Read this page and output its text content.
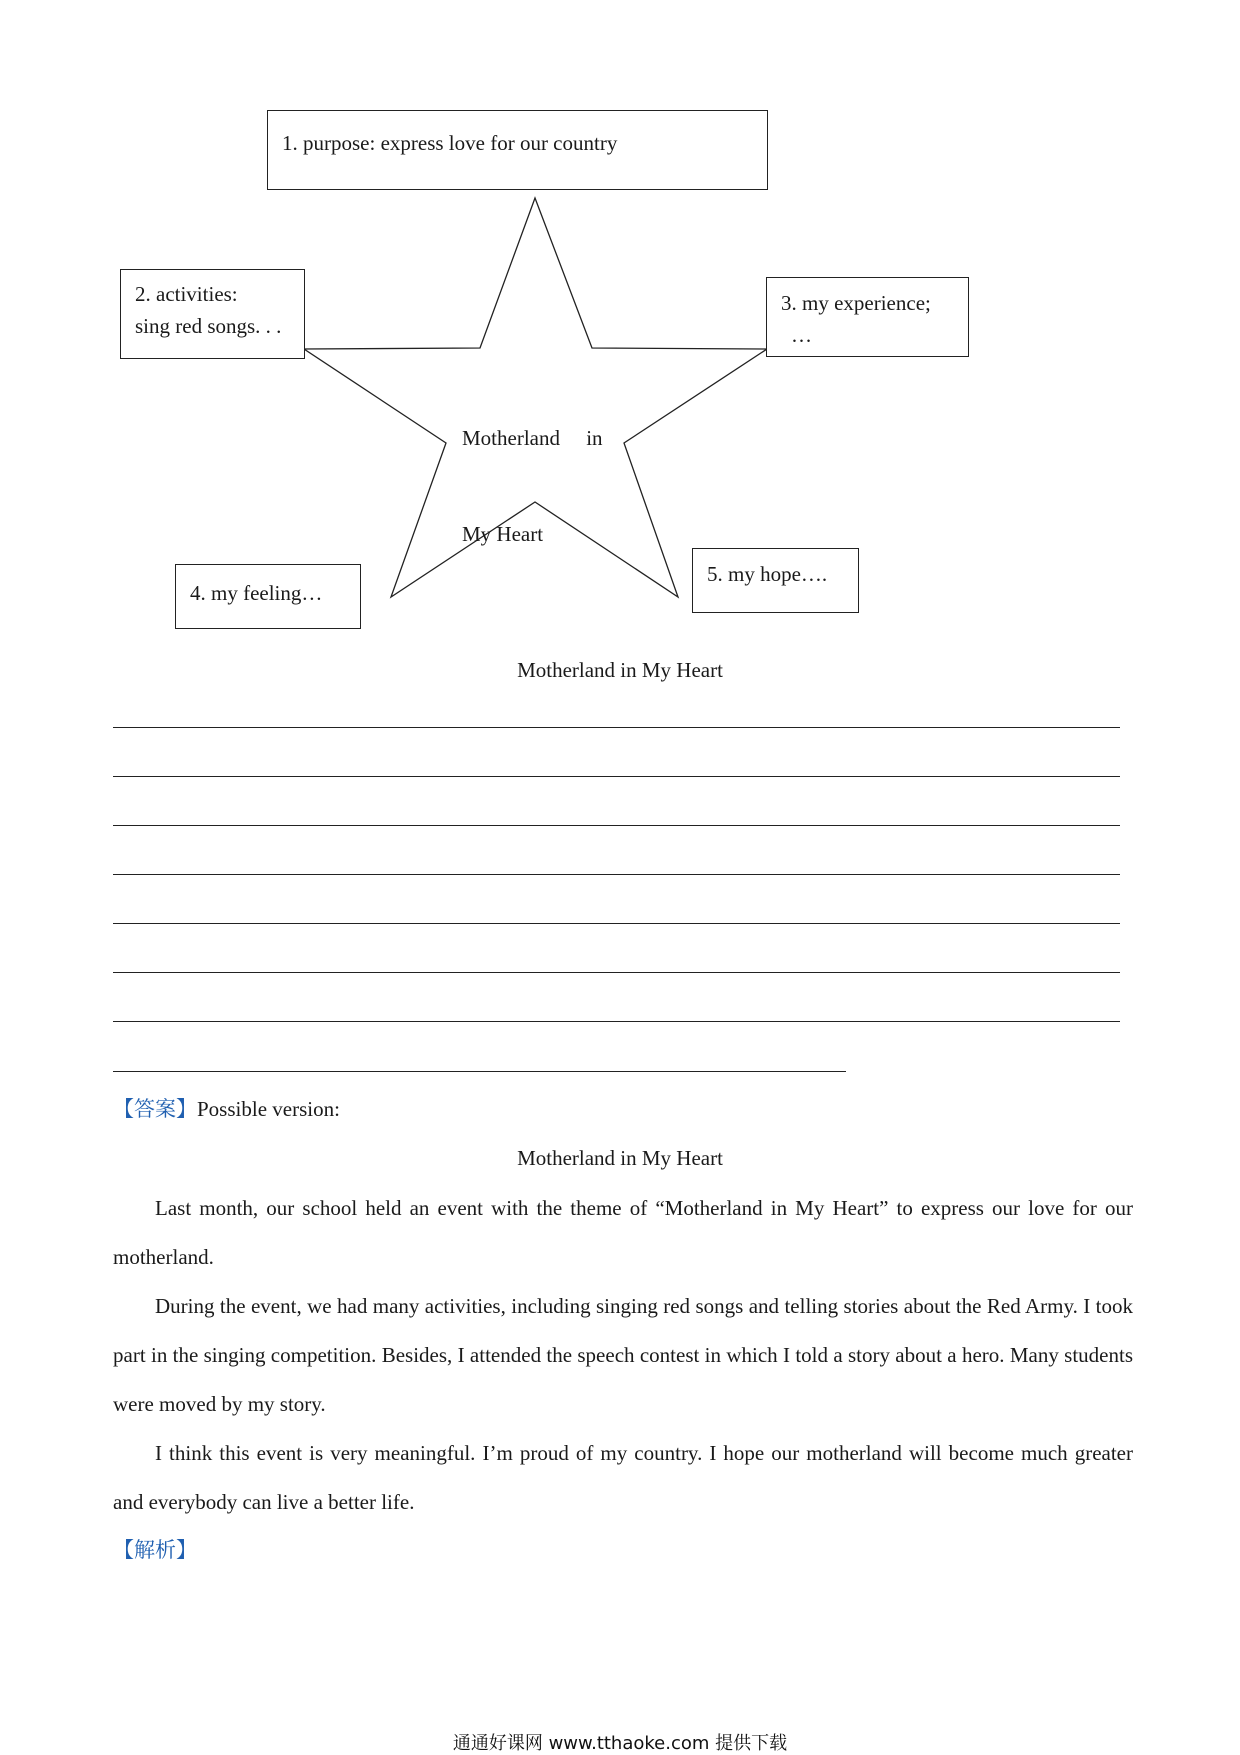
1. purpose: express love for our country
2. activities:
sing red songs. . .
3. my experience;
…
4. my feeling…
5. my hope….

Motherland     in

My Heart

Motherland in My Heart
【答案】Possible version:
Motherland in My Heart
Last month, our school held an event with the theme of “Motherland in My Heart” to express our love for our motherland.
During the event, we had many activities, including singing red songs and telling stories about the Red Army. I took part in the singing competition. Besides, I attended the speech contest in which I told a story about a hero. Many students were moved by my story.
I think this event is very meaningful. I’m proud of my country. I hope our motherland will become much greater and everybody can live a better life.
【解析】
通通好课网 www.tthaoke.com 提供下载
